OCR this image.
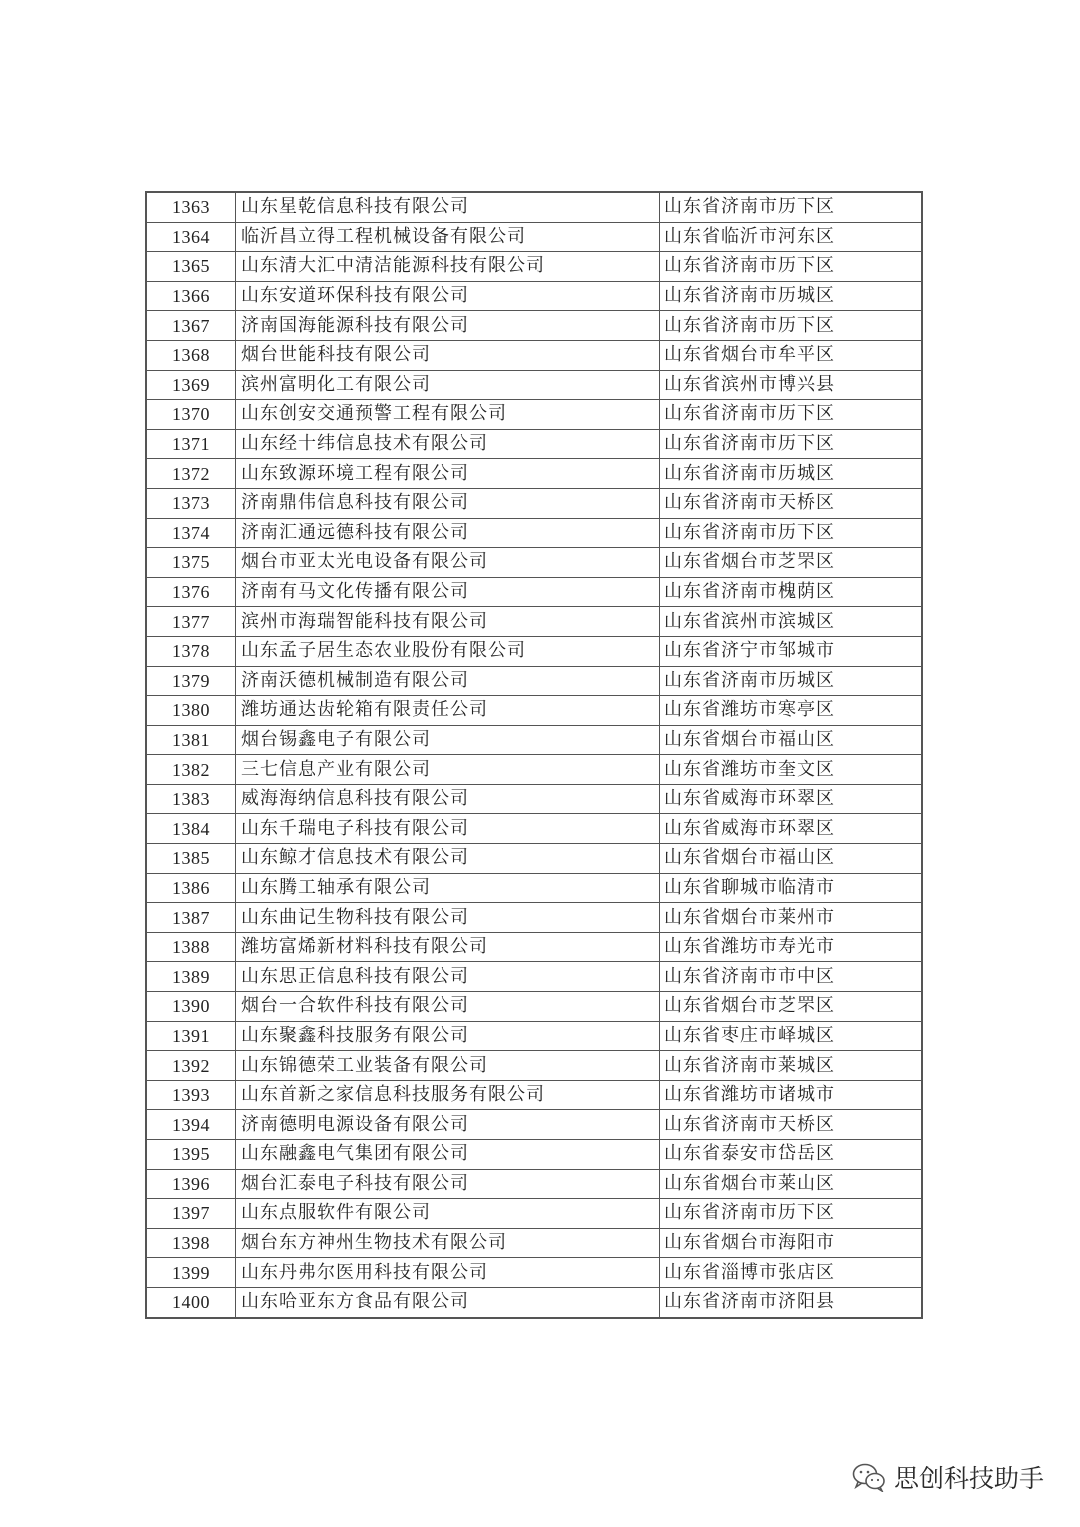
1363	山东星乾信息科技有限公司	山东省济南市历下区
1364	临沂昌立得工程机械设备有限公司	山东省临沂市河东区
1365	山东清大汇中清洁能源科技有限公司	山东省济南市历下区
1366	山东安道环保科技有限公司	山东省济南市历城区
1367	济南国海能源科技有限公司	山东省济南市历下区
1368	烟台世能科技有限公司	山东省烟台市牟平区
1369	滨州富明化工有限公司	山东省滨州市博兴县
1370	山东创安交通预警工程有限公司	山东省济南市历下区
1371	山东经十纬信息技术有限公司	山东省济南市历下区
1372	山东致源环境工程有限公司	山东省济南市历城区
1373	济南鼎伟信息科技有限公司	山东省济南市天桥区
1374	济南汇通远德科技有限公司	山东省济南市历下区
1375	烟台市亚太光电设备有限公司	山东省烟台市芝罘区
1376	济南有马文化传播有限公司	山东省济南市槐荫区
1377	滨州市海瑞智能科技有限公司	山东省滨州市滨城区
1378	山东孟子居生态农业股份有限公司	山东省济宁市邹城市
1379	济南沃德机械制造有限公司	山东省济南市历城区
1380	潍坊通达齿轮箱有限责任公司	山东省潍坊市寒亭区
1381	烟台锡鑫电子有限公司	山东省烟台市福山区
1382	三七信息产业有限公司	山东省潍坊市奎文区
1383	威海海纳信息科技有限公司	山东省威海市环翠区
1384	山东千瑞电子科技有限公司	山东省威海市环翠区
1385	山东鲸才信息技术有限公司	山东省烟台市福山区
1386	山东腾工轴承有限公司	山东省聊城市临清市
1387	山东曲记生物科技有限公司	山东省烟台市莱州市
1388	潍坊富烯新材料科技有限公司	山东省潍坊市寿光市
1389	山东思正信息科技有限公司	山东省济南市市中区
1390	烟台一合软件科技有限公司	山东省烟台市芝罘区
1391	山东聚鑫科技服务有限公司	山东省枣庄市峄城区
1392	山东锦德荣工业装备有限公司	山东省济南市莱城区
1393	山东首新之家信息科技服务有限公司	山东省潍坊市诸城市
1394	济南德明电源设备有限公司	山东省济南市天桥区
1395	山东融鑫电气集团有限公司	山东省泰安市岱岳区
1396	烟台汇泰电子科技有限公司	山东省烟台市莱山区
1397	山东点服软件有限公司	山东省济南市历下区
1398	烟台东方神州生物技术有限公司	山东省烟台市海阳市
1399	山东丹弗尔医用科技有限公司	山东省淄博市张店区
1400	山东哈亚东方食品有限公司	山东省济南市济阳县
思创科技助手
